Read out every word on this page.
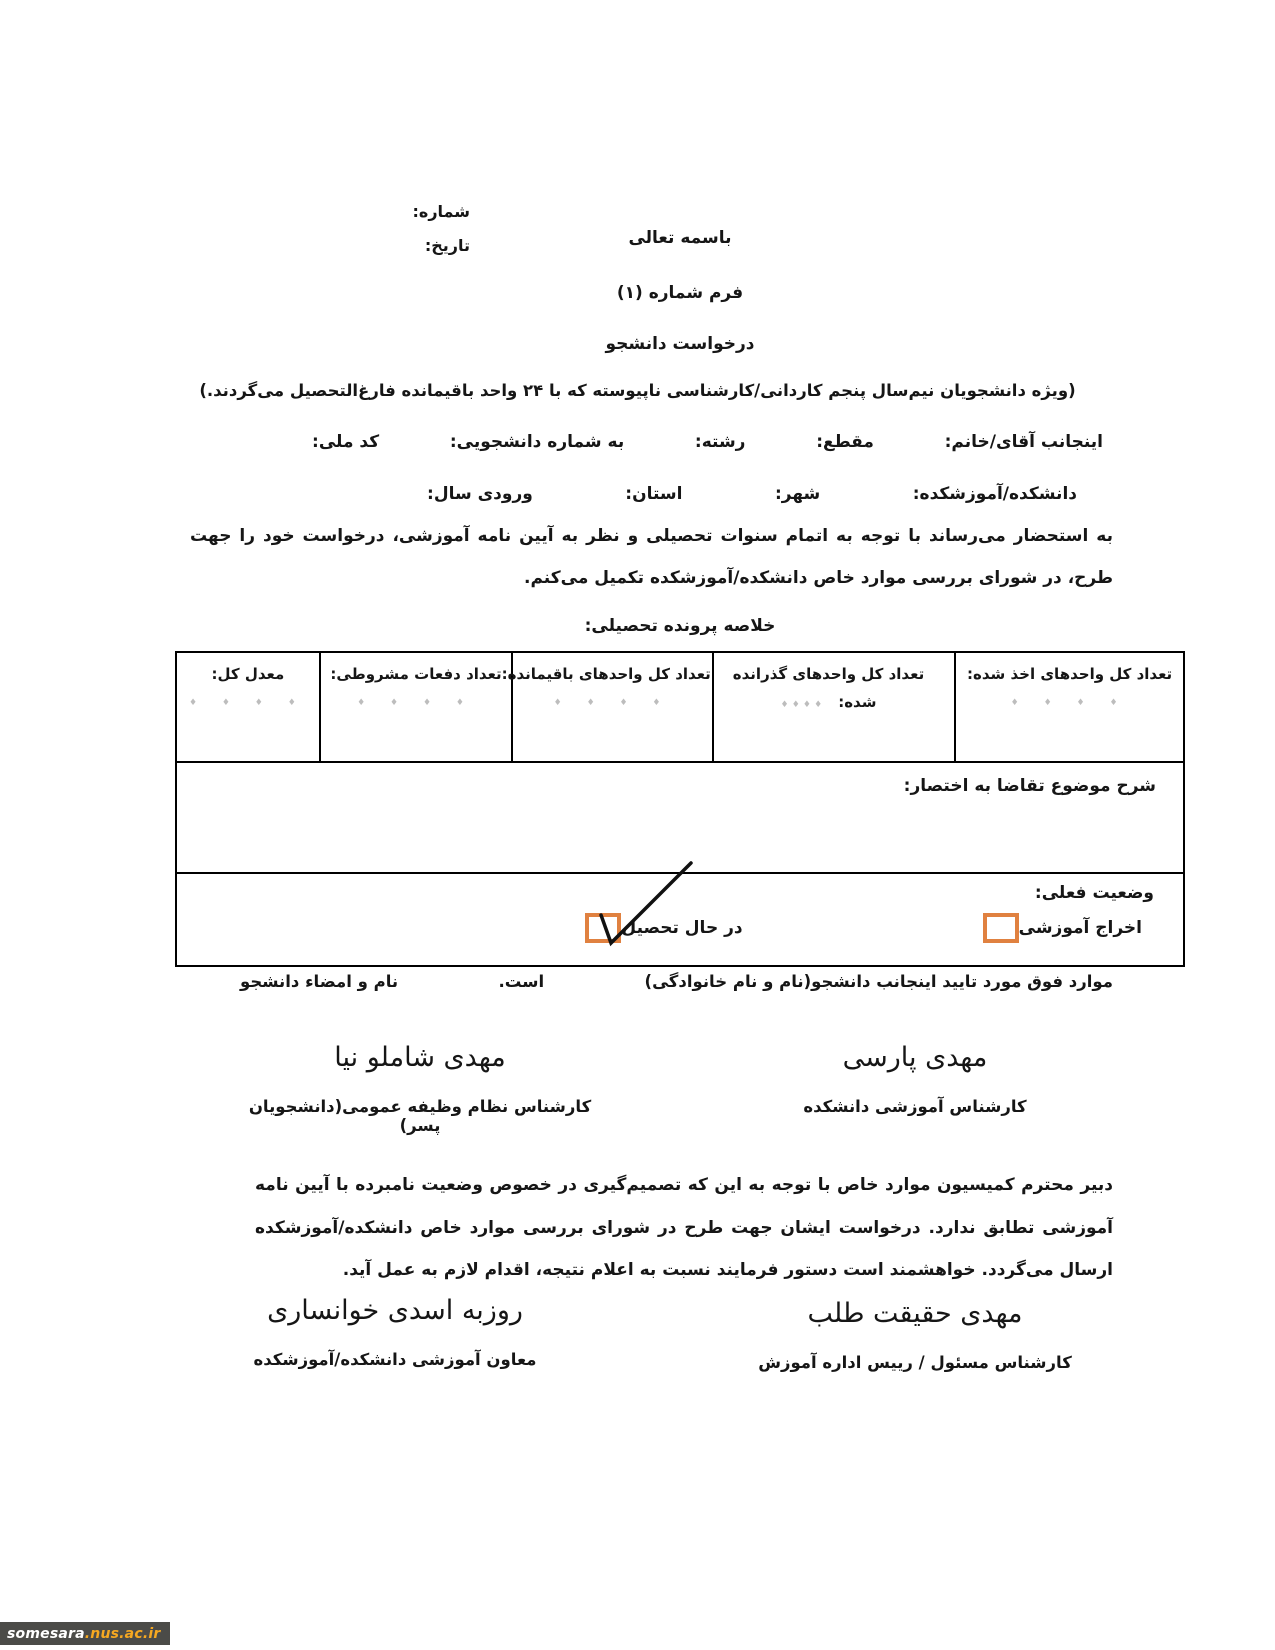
شماره:
تاریخ:	باسمه تعالی
فرم شماره (۱)
درخواست دانشجو
(ویژه دانشجویان نیم‌سال پنجم کاردانی/کارشناسی ناپیوسته که با ۲۴ واحد باقیمانده فارغ‌التحصیل می‌گردند.)
اینجانب آقای/خانم:
مقطع:
رشته:
به شماره دانشجویی:
کد ملی:
دانشکده/آموزشکده:
شهر:
استان:
ورودی سال:

به استحضار می‌رساند با توجه به اتمام سنوات تحصیلی و نظر به آیین نامه آموزشی، درخواست خود را جهت طرح، در شورای بررسی موارد خاص دانشکده/آموزشکده تکمیل می‌کنم.

خلاصه پرونده تحصیلی:
تعداد کل واحدهای اخذ شده:
♦ ♦ ♦ ♦

تعداد کل واحدهای گذرانده
شده:♦ ♦ ♦ ♦

تعداد کل واحدهای باقیمانده:
♦ ♦ ♦ ♦

تعداد دفعات مشروطی:
♦ ♦ ♦ ♦

معدل کل:
♦ ♦ ♦ ♦

شرح موضوع تقاضا به اختصار:

وضعیت فعلی:
اخراج آموزشی
در حال تحصیل
موارد فوق مورد تایید اینجانب دانشجو(نام و نام خانوادگی)
است.
نام و امضاء دانشجو
مهدی پارسی
کارشناس آموزشی دانشکده
مهدی شاملو نیا
کارشناس نظام وظیفه عمومی(دانشجویان پسر)

دبیر محترم کمیسیون موارد خاص با توجه به این که تصمیم‌گیری در خصوص وضعیت نامبرده با آیین نامه آموزشی تطابق ندارد. درخواست ایشان جهت طرح در شورای بررسی موارد خاص دانشکده/آموزشکده ارسال می‌گردد. خواهشمند است دستور فرمایند نسبت به اعلام نتیجه، اقدام لازم به عمل آید.

مهدی حقیقت طلب
کارشناس مسئول / رییس اداره آموزش
روزبه اسدی خوانساری
معاون آموزشی دانشکده/آموزشکده
somesara .nus.ac.ir
